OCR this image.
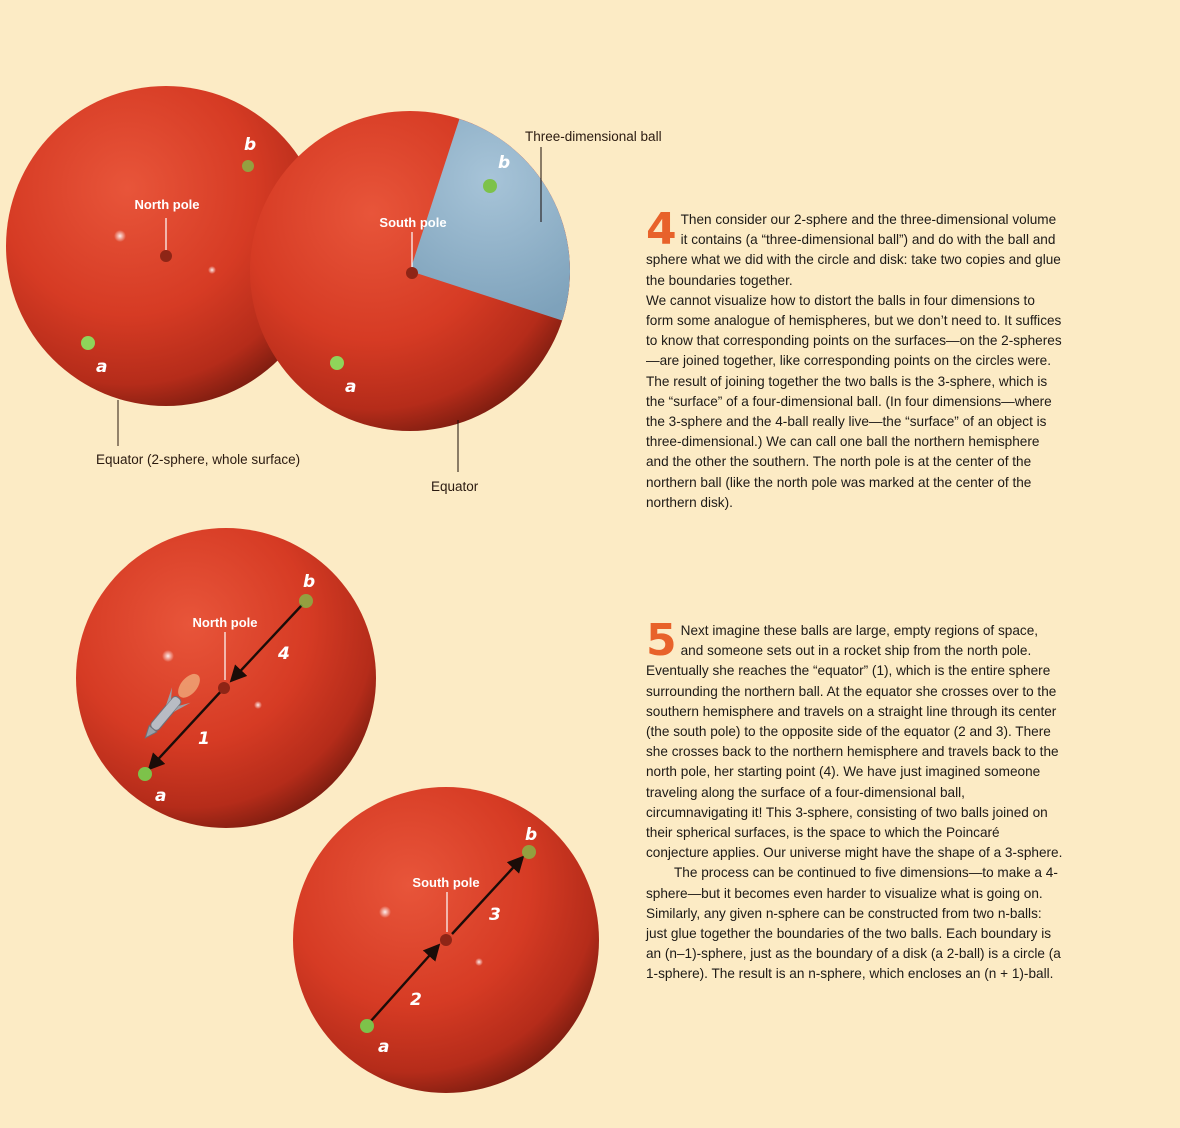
North pole
b
a
Equator (2-sphere, whole surface)
b
South pole
a
Three-dimensional ball
Equator
North pole
b
a
1
4
South pole
b
a
2
3
4 Then consider our 2-sphere and the three-dimensional volume it contains (a “three-dimensional ball”) and do with the ball and sphere what we did with the circle and disk: take two copies and glue the boundaries together.

We cannot visualize how to distort the balls in four dimensions to form some analogue of hemispheres, but we don’t need to. It suffices to know that corresponding points on the surfaces—on the 2-spheres—are joined together, like corresponding points on the circles were. The result of joining together the two balls is the 3-sphere, which is the “surface” of a four-dimensional ball. (In four dimensions—where the 3-sphere and the 4-ball really live—the “surface” of an object is three-dimensional.) We can call one ball the northern hemisphere and the other the southern. The north pole is at the center of the northern ball (like the north pole was marked at the center of the northern disk).

5 Next imagine these balls are large, empty regions of space, and someone sets out in a rocket ship from the north pole. Eventually she reaches the “equator” (1), which is the entire sphere surrounding the northern ball. At the equator she crosses over to the southern hemisphere and travels on a straight line through its center (the south pole) to the opposite side of the equator (2 and 3). There she crosses back to the northern hemisphere and travels back to the north pole, her starting point (4). We have just imagined someone traveling along the surface of a four-dimensional ball, circumnavigating it! This 3-sphere, consisting of two balls joined on their spherical surfaces, is the space to which the Poincaré conjecture applies. Our universe might have the shape of a 3-sphere.

The process can be continued to five dimensions—to make a 4-sphere—but it becomes even harder to visualize what is going on. Similarly, any given n-sphere can be constructed from two n-balls: just glue together the boundaries of the two balls. Each boundary is an (n–1)-sphere, just as the boundary of a disk (a 2-ball) is a circle (a 1-sphere). The result is an n-sphere, which encloses an (n + 1)-ball.
